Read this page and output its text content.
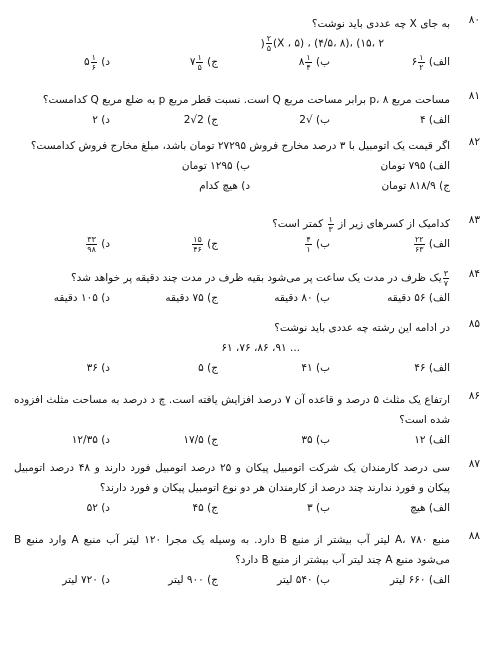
۸۰
به جای X چه عددی باید نوشت؟
) $\frac{۲}{۵} (X$ ، ۵) ، (۴/۵، ۸)، (۱۵، ۲
الف) ۶ $\frac{۱}{۲}$
ب) ۸ $\frac{۱}{۴}$
ج) ۷ $\frac{۱}{۵}$
د) ۵ $\frac{۱}{۶}$
۸۱
مساحت مربع p، ۸ برابر مساحت مربع Q است. نسبت قطر مربع p به ضلع مربع Q کدامست؟
الف) ۴
ب) √2
ج) 2√2
د) ۲
۸۲
اگر قیمت یک اتومبیل با ۳ درصد مخارج فروش ۲۷۲۹۵ تومان باشد، مبلغ مخارج فروش کدامست؟
الف) ۷۹۵ تومان
ب) ۱۲۹۵ تومان
ج) ۸۱۸/۹ تومان
د) هیچ کدام
۸۳
کدامیک از کسرهای زیر از
$\frac{۱}{۳}$
کمتر است؟
الف)
$\frac{۲۲}{۶۳}$
ب)
$\frac{۴}{۱}$
ج)
$\frac{۱۵}{۴۶}$
د)
$\frac{۳۳}{۹۸}$
۸۴
$\frac{۳}{۷}$
یک ظرف در مدت یک ساعت پر می‌شود بقیه ظرف در مدت چند دقیقه پر خواهد شد؟
الف) ۵۶ دقیقه
ب) ۸۰ دقیقه
ج) ۷۵ دقیقه
د) ۱۰۵ دقیقه
۸۵
در ادامه این رشته چه عددی باید نوشت؟
... ۹۱، ۸۶، ۷۶، ۶۱
الف) ۴۶
ب) ۴۱
ج) ۵
د) ۳۶
۸۶
ارتفاع یک مثلث ۵ درصد و قاعده آن ۷ درصد افزایش یافته است. چ د درصد به مساحت مثلث افزوده شده است؟
الف) ۱۲
ب) ۳۵
ج) ۱۷/۵
د) ۱۲/۳۵
۸۷
سی درصد کارمندان یک شرکت اتومبیل پیکان و ۲۵ درصد اتومبیل فورد دارند و ۴۸ درصد اتومبیل پیکان و فورد ندارند چند درصد از کارمندان هر دو نوع اتومبیل پیکان و فورد دارند؟
الف) هیچ
ب) ۳
ج) ۴۵
د) ۵۲
۸۸
منبع A، ۷۸۰ لیتر آب بیشتر از منبع B دارد. به وسیله یک مجرا ۱۲۰ لیتر آب منبع A وارد منبع B می‌شود منبع A چند لیتر آب بیشتر از منبع B دارد؟
الف) ۶۶۰ لیتر
ب) ۵۴۰ لیتر
ج) ۹۰۰ لیتر
د) ۷۲۰ لیتر
